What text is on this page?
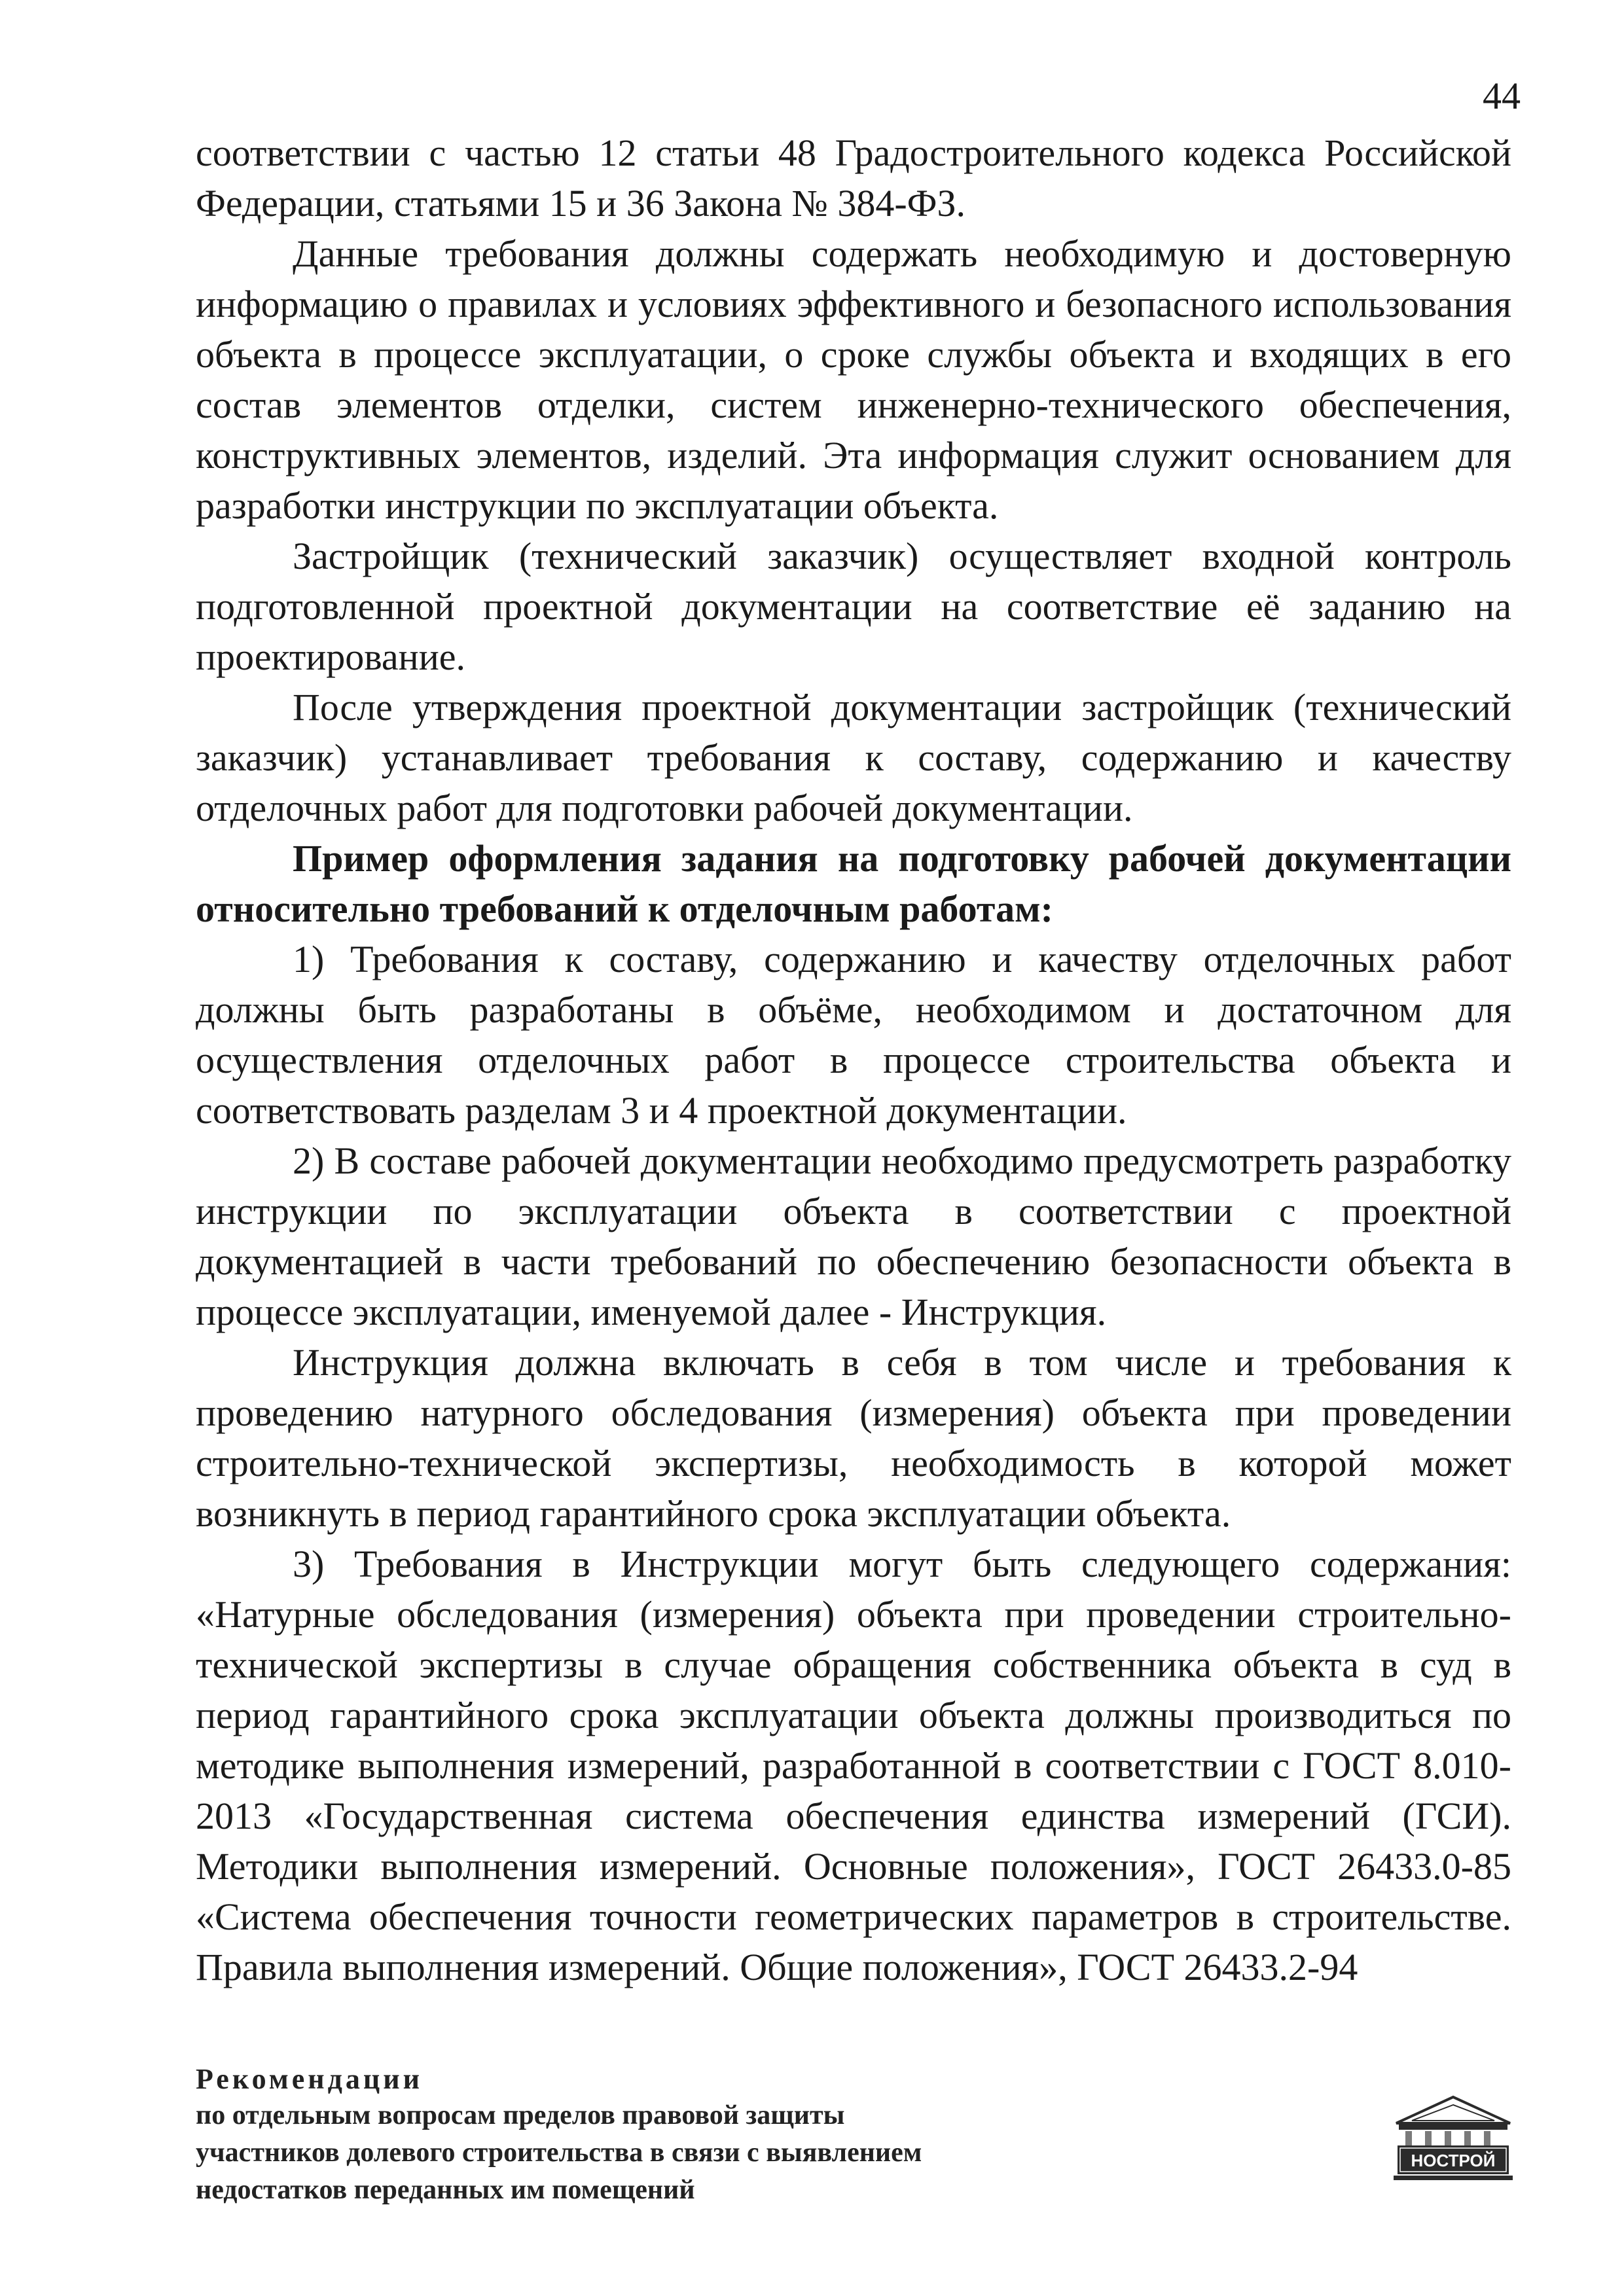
44

соответствии с частью 12 статьи 48 Градостроительного кодекса Российской Федерации, статьями 15 и 36 Закона № 384-ФЗ.

Данные требования должны содержать необходимую и достоверную информацию о правилах и условиях эффективного и безопасного использования объекта в процессе эксплуатации, о сроке службы объекта и входящих в его состав элементов отделки, систем инженерно-технического обеспечения, конструктивных элементов, изделий. Эта информация служит основанием для разработки инструкции по эксплуатации объекта.

Застройщик (технический заказчик) осуществляет входной контроль подготовленной проектной документации на соответствие её заданию на проектирование.

После утверждения проектной документации застройщик (технический заказчик) устанавливает требования к составу, содержанию и качеству отделочных работ для подготовки рабочей документации.

Пример оформления задания на подготовку рабочей документации относительно требований к отделочным работам:

1) Требования к составу, содержанию и качеству отделочных работ должны быть разработаны в объёме, необходимом и достаточном для осуществления отделочных работ в процессе строительства объекта и соответствовать разделам 3 и 4 проектной документации.

2) В составе рабочей документации необходимо предусмотреть разработку инструкции по эксплуатации объекта в соответствии с проектной документацией в части требований по обеспечению безопасности объекта в процессе эксплуатации, именуемой далее - Инструкция.

Инструкция должна включать в себя в том числе и требования к проведению натурного обследования (измерения) объекта при проведении строительно-технической экспертизы, необходимость в которой может возникнуть в период гарантийного срока эксплуатации объекта.

3) Требования в Инструкции могут быть следующего содержания: «Натурные обследования (измерения) объекта при проведении строительно-технической экспертизы в случае обращения собственника объекта в суд в период гарантийного срока эксплуатации объекта должны производиться по методике выполнения измерений, разработанной в соответствии с ГОСТ 8.010-2013 «Государственная система обеспечения единства измерений (ГСИ). Методики выполнения измерений. Основные положения», ГОСТ 26433.0-85 «Система обеспечения точности геометрических параметров в строительстве. Правила выполнения измерений. Общие положения», ГОСТ 26433.2-94

Рекомендации
по отдельным вопросам пределов правовой защиты
участников долевого строительства в связи с выявлением
недостатков переданных им помещений
НОСТРОЙ
